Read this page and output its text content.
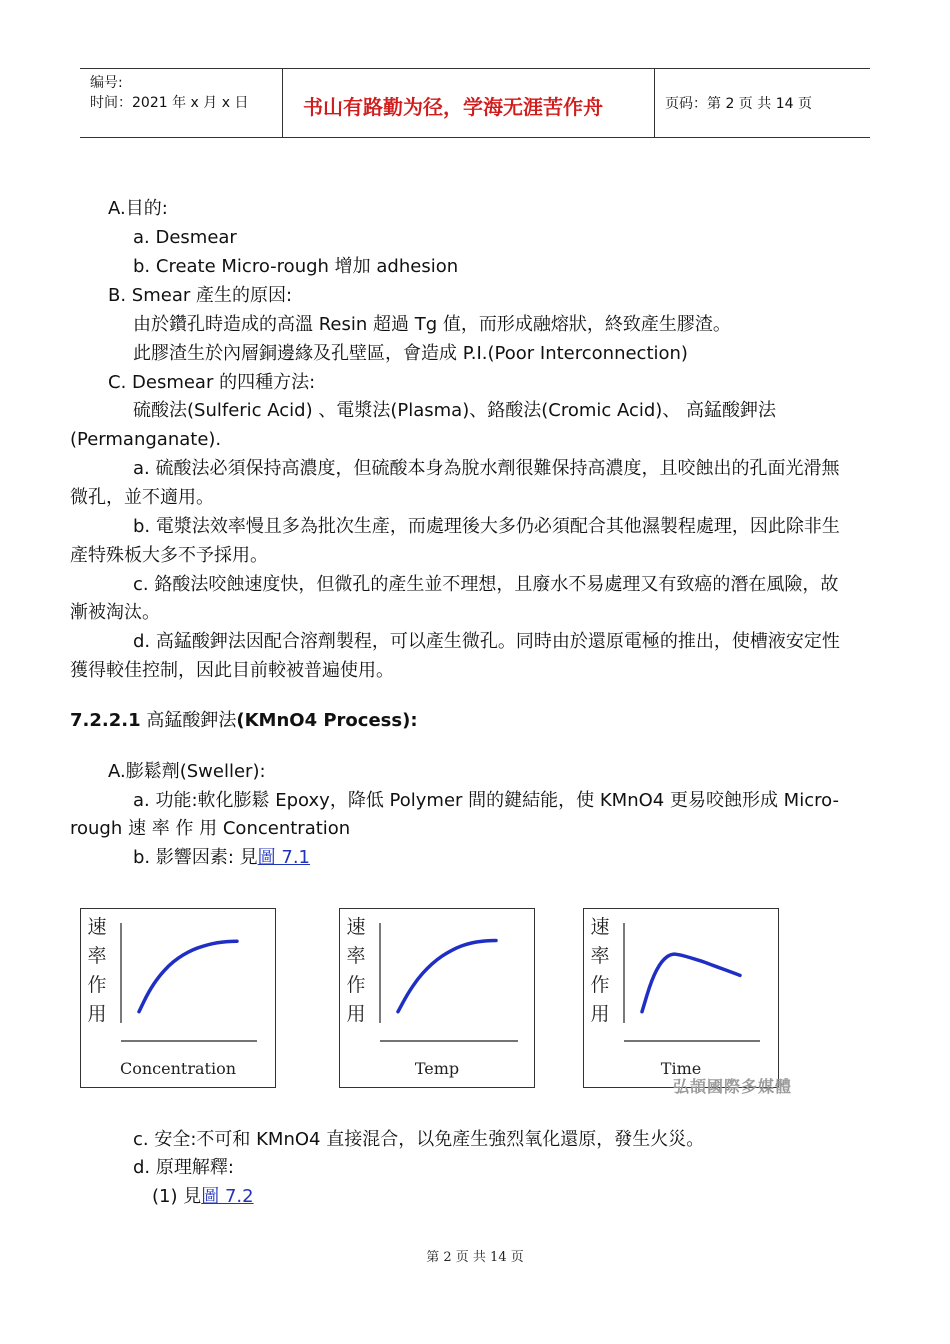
编号:
时间：2021 年 x 月 x 日	书山有路勤为径，学海无涯苦作舟	页码：第 2 页 共 14 页
A.目的:
a. Desmear
b. Create Micro-rough 增加 adhesion
B. Smear 產生的原因:
由於鑽孔時造成的高溫 Resin 超過 Tg 值，而形成融熔狀，終致產生膠渣。
此膠渣生於內層銅邊緣及孔壁區，會造成 P.I.(Poor Interconnection)
C. Desmear 的四種方法:
硫酸法(Sulferic Acid) 、電漿法(Plasma)、鉻酸法(Cromic Acid)、 高錳酸鉀法
(Permanganate).
a. 硫酸法必須保持高濃度，但硫酸本身為脫水劑很難保持高濃度，且咬蝕出的孔面光滑無
微孔，並不適用。
b. 電漿法效率慢且多為批次生產，而處理後大多仍必須配合其他濕製程處理，因此除非生
產特殊板大多不予採用。
c. 鉻酸法咬蝕速度快，但微孔的產生並不理想，且廢水不易處理又有致癌的潛在風險，故
漸被淘汰。
d. 高錳酸鉀法因配合溶劑製程，可以產生微孔。同時由於還原電極的推出，使槽液安定性
獲得較佳控制，因此目前較被普遍使用。
7.2.2.1 高錳酸鉀法(KMnO4 Process):
A.膨鬆劑(Sweller):
a. 功能:軟化膨鬆 Epoxy，降低 Polymer 間的鍵結能，使 KMnO4 更易咬蝕形成 Micro-
rough 速 率 作 用 Concentration
b. 影響因素: 見圖 7.1
速
率
作
用
Concentration
速
率
作
用
Temp
速
率
作
用
Time
弘頡國際多媒體
c. 安全:不可和 KMnO4 直接混合，以免產生強烈氧化還原，發生火災。
d. 原理解釋:
(1) 見圖 7.2
第 2 页 共 14 页
